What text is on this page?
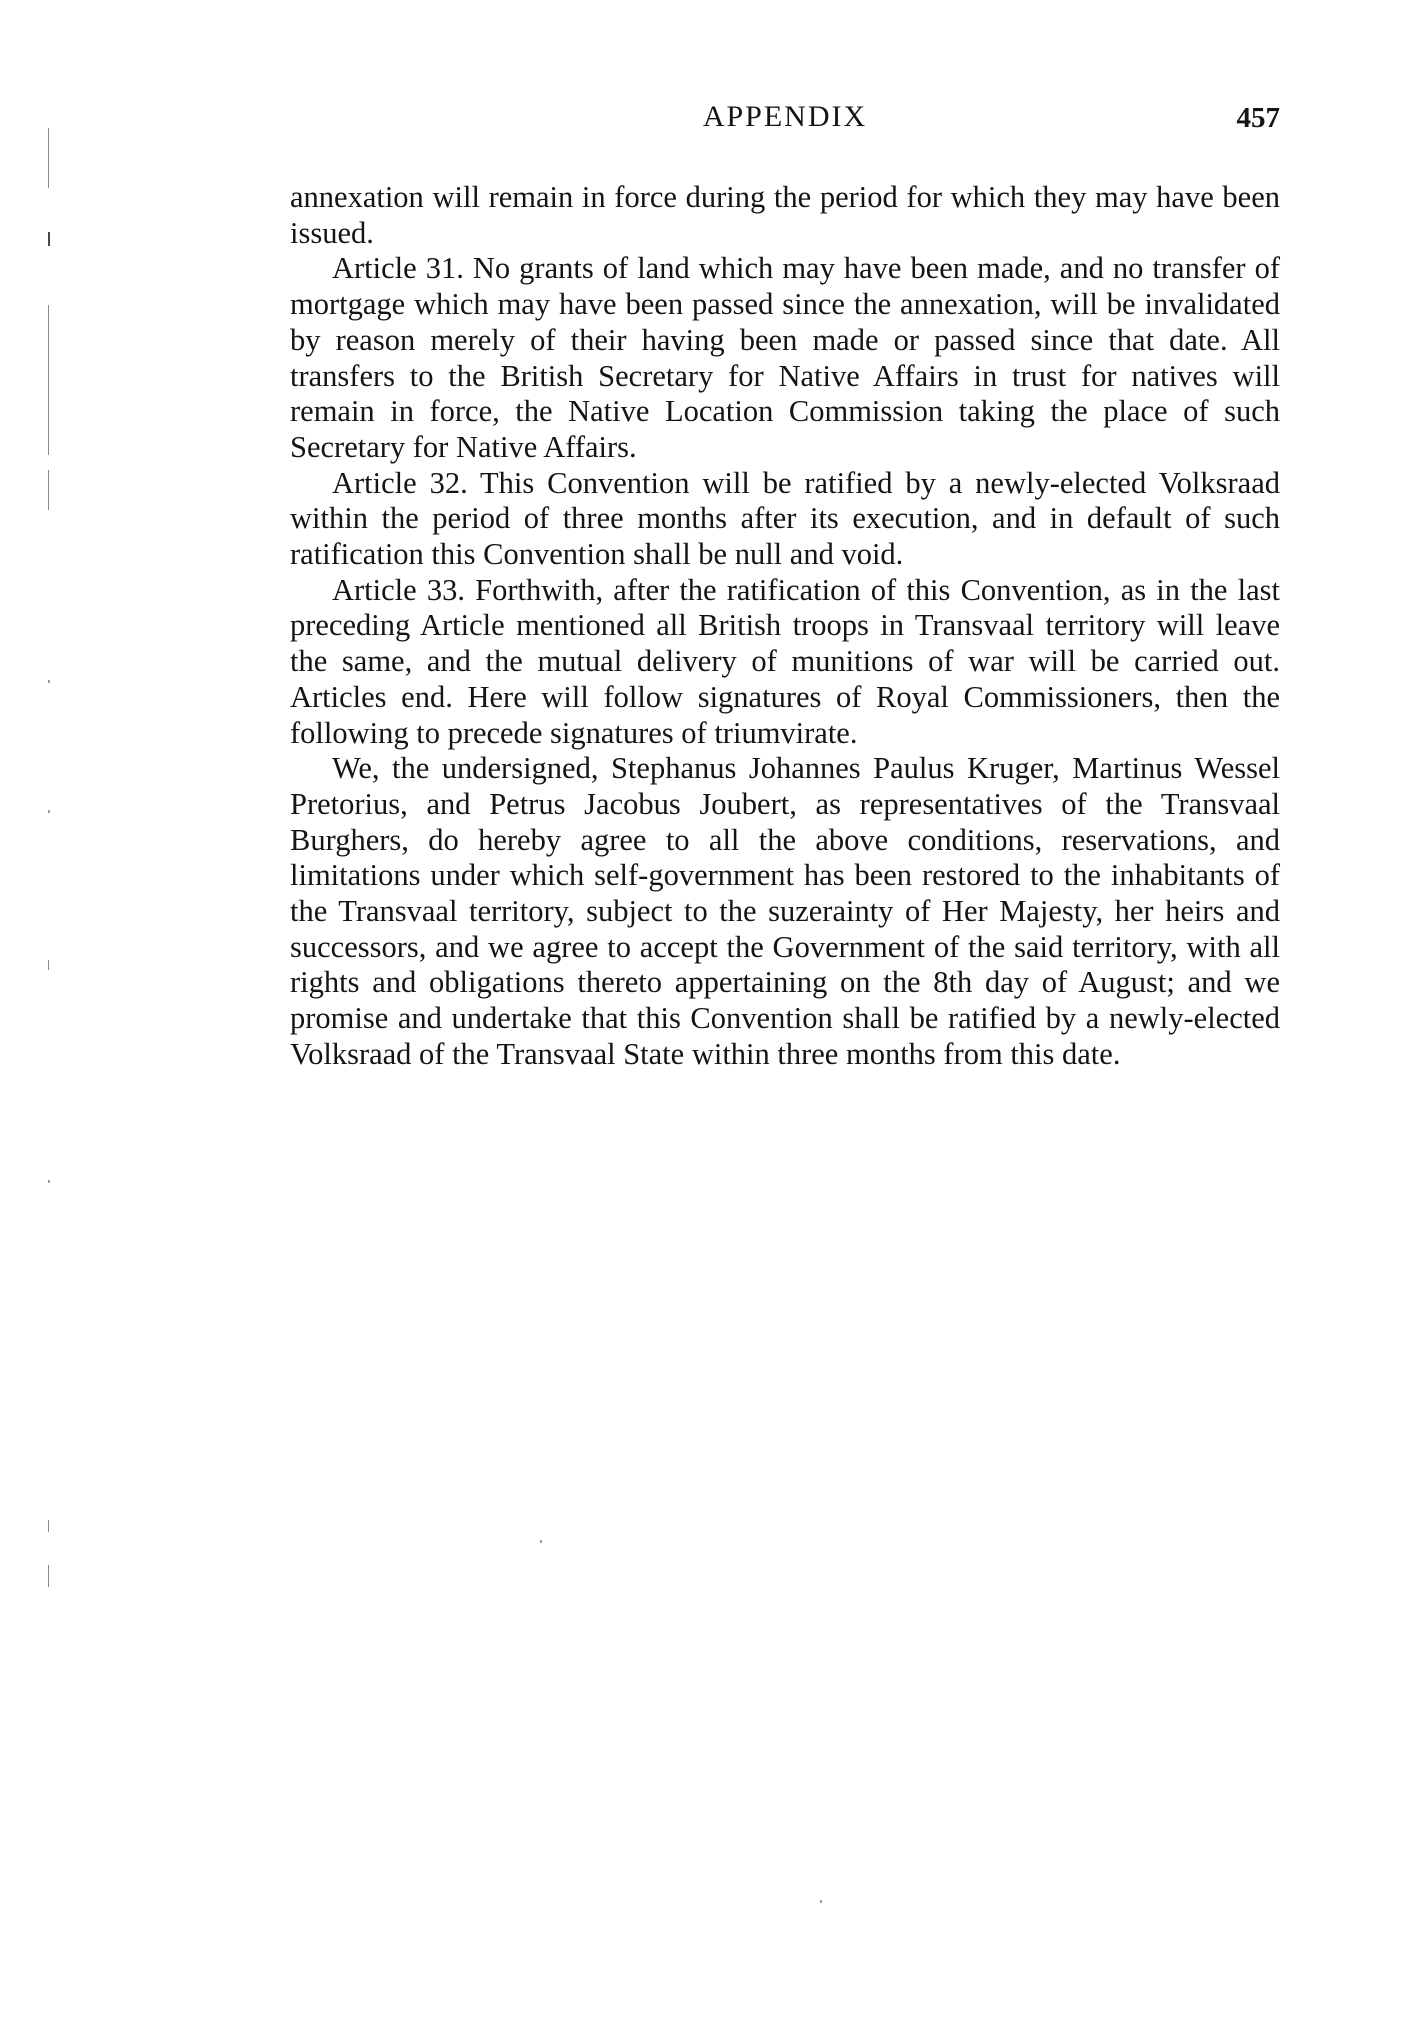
APPENDIX	457

annexation will remain in force during the period for which they may have been issued.

Article 31. No grants of land which may have been made, and no transfer of mortgage which may have been passed since the annexation, will be invalidated by reason merely of their having been made or passed since that date. All transfers to the British Secretary for Native Affairs in trust for natives will remain in force, the Native Location Commission taking the place of such Secretary for Native Affairs.

Article 32. This Convention will be ratified by a newly-elected Volksraad within the period of three months after its execution, and in default of such ratification this Convention shall be null and void.

Article 33. Forthwith, after the ratification of this Convention, as in the last preceding Article mentioned all British troops in Transvaal territory will leave the same, and the mutual delivery of munitions of war will be carried out. Articles end. Here will follow signatures of Royal Commissioners, then the following to precede signatures of triumvirate.

We, the undersigned, Stephanus Johannes Paulus Kruger, Martinus Wessel Pretorius, and Petrus Jacobus Joubert, as representatives of the Transvaal Burghers, do hereby agree to all the above conditions, reservations, and limitations under which self-government has been restored to the inhabitants of the Transvaal territory, subject to the suzerainty of Her Majesty, her heirs and successors, and we agree to accept the Government of the said territory, with all rights and obligations thereto appertaining on the 8th day of August; and we promise and undertake that this Convention shall be ratified by a newly-elected Volksraad of the Transvaal State within three months from this date.
